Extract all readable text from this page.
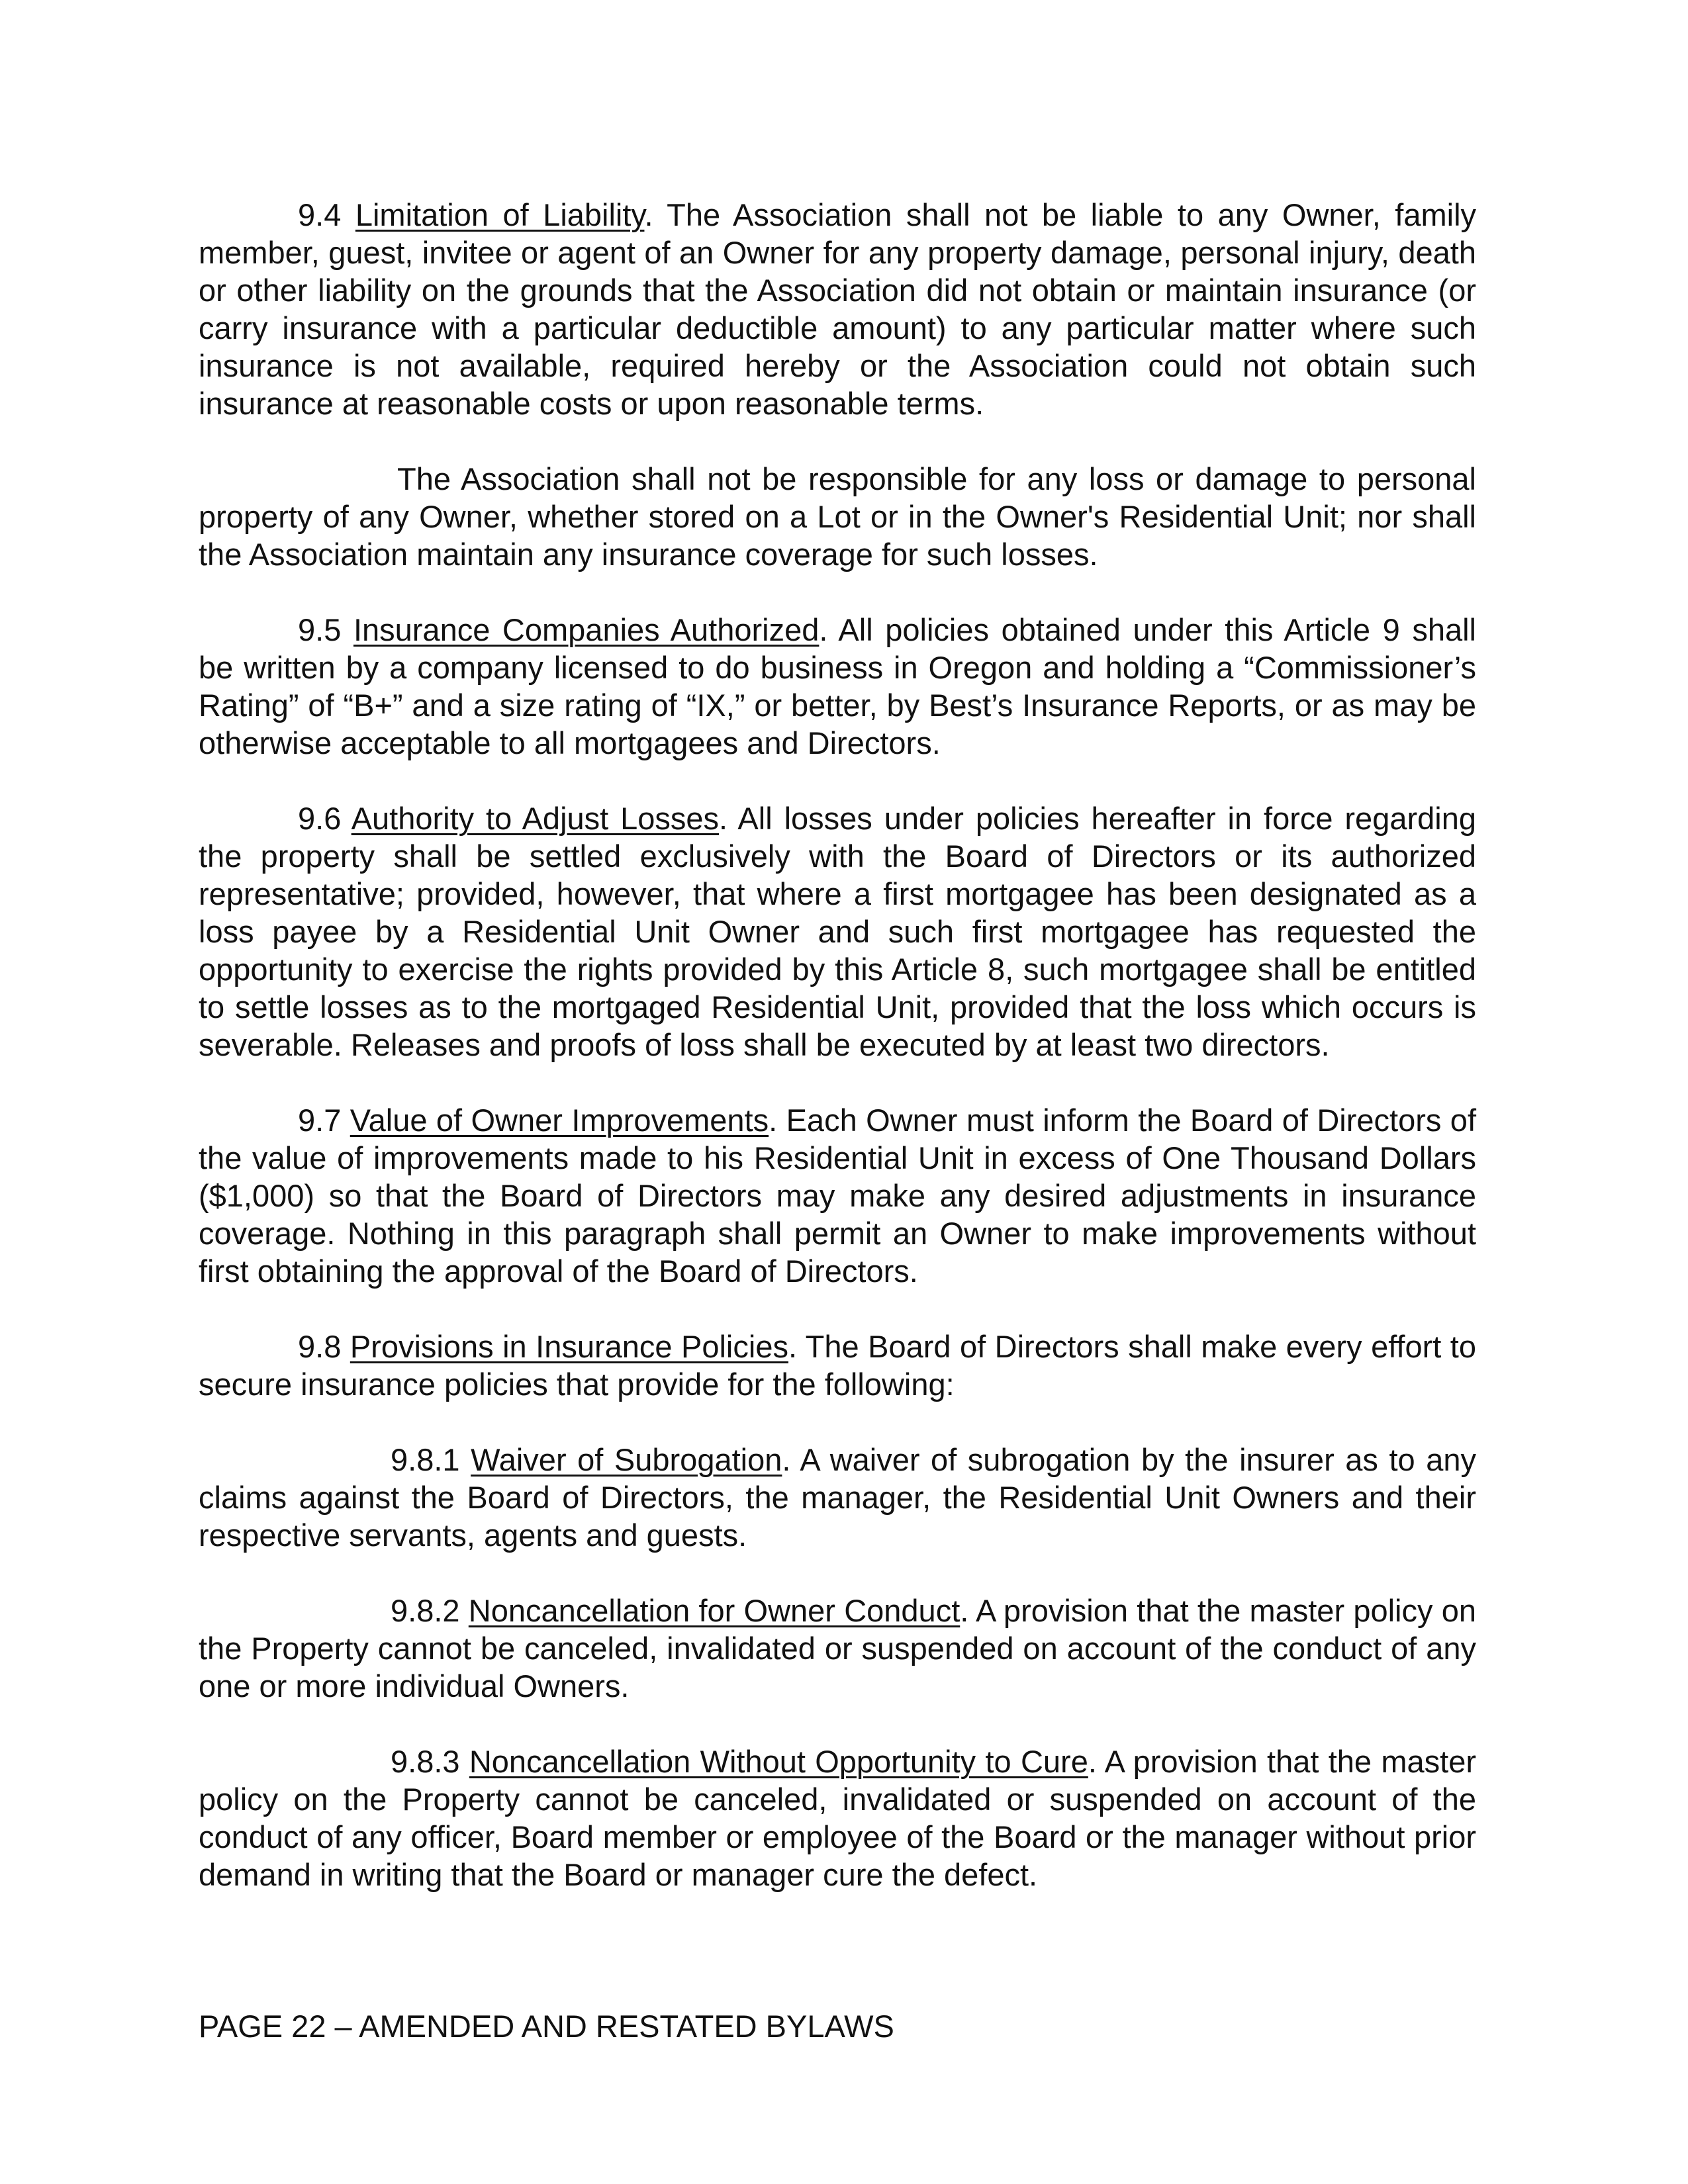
9.4 Limitation of Liability. The Association shall not be liable to any Owner, family member, guest, invitee or agent of an Owner for any property damage, personal injury, death or other liability on the grounds that the Association did not obtain or maintain insurance (or carry insurance with a particular deductible amount) to any particular matter where such insurance is not available, required hereby or the Association could not obtain such insurance at reasonable costs or upon reasonable terms.

The Association shall not be responsible for any loss or damage to personal property of any Owner, whether stored on a Lot or in the Owner's Residential Unit; nor shall the Association maintain any insurance coverage for such losses.

9.5 Insurance Companies Authorized. All policies obtained under this Article 9 shall be written by a company licensed to do business in Oregon and holding a “Commissioner’s Rating” of “B+” and a size rating of “IX,” or better, by Best’s Insurance Reports, or as may be otherwise acceptable to all mortgagees and Directors.

9.6 Authority to Adjust Losses. All losses under policies hereafter in force regarding the property shall be settled exclusively with the Board of Directors or its authorized representative; provided, however, that where a first mortgagee has been designated as a loss payee by a Residential Unit Owner and such first mortgagee has requested the opportunity to exercise the rights provided by this Article 8, such mortgagee shall be entitled to settle losses as to the mortgaged Residential Unit, provided that the loss which occurs is severable. Releases and proofs of loss shall be executed by at least two directors.

9.7 Value of Owner Improvements. Each Owner must inform the Board of Directors of the value of improvements made to his Residential Unit in excess of One Thousand Dollars ($1,000) so that the Board of Directors may make any desired adjustments in insurance coverage. Nothing in this paragraph shall permit an Owner to make improvements without first obtaining the approval of the Board of Directors.

9.8 Provisions in Insurance Policies. The Board of Directors shall make every effort to secure insurance policies that provide for the following:

9.8.1 Waiver of Subrogation. A waiver of subrogation by the insurer as to any claims against the Board of Directors, the manager, the Residential Unit Owners and their respective servants, agents and guests.

9.8.2 Noncancellation for Owner Conduct. A provision that the master policy on the Property cannot be canceled, invalidated or suspended on account of the conduct of any one or more individual Owners.

9.8.3 Noncancellation Without Opportunity to Cure. A provision that the master policy on the Property cannot be canceled, invalidated or suspended on account of the conduct of any officer, Board member or employee of the Board or the manager without prior demand in writing that the Board or manager cure the defect.

PAGE 22 – AMENDED AND RESTATED BYLAWS
